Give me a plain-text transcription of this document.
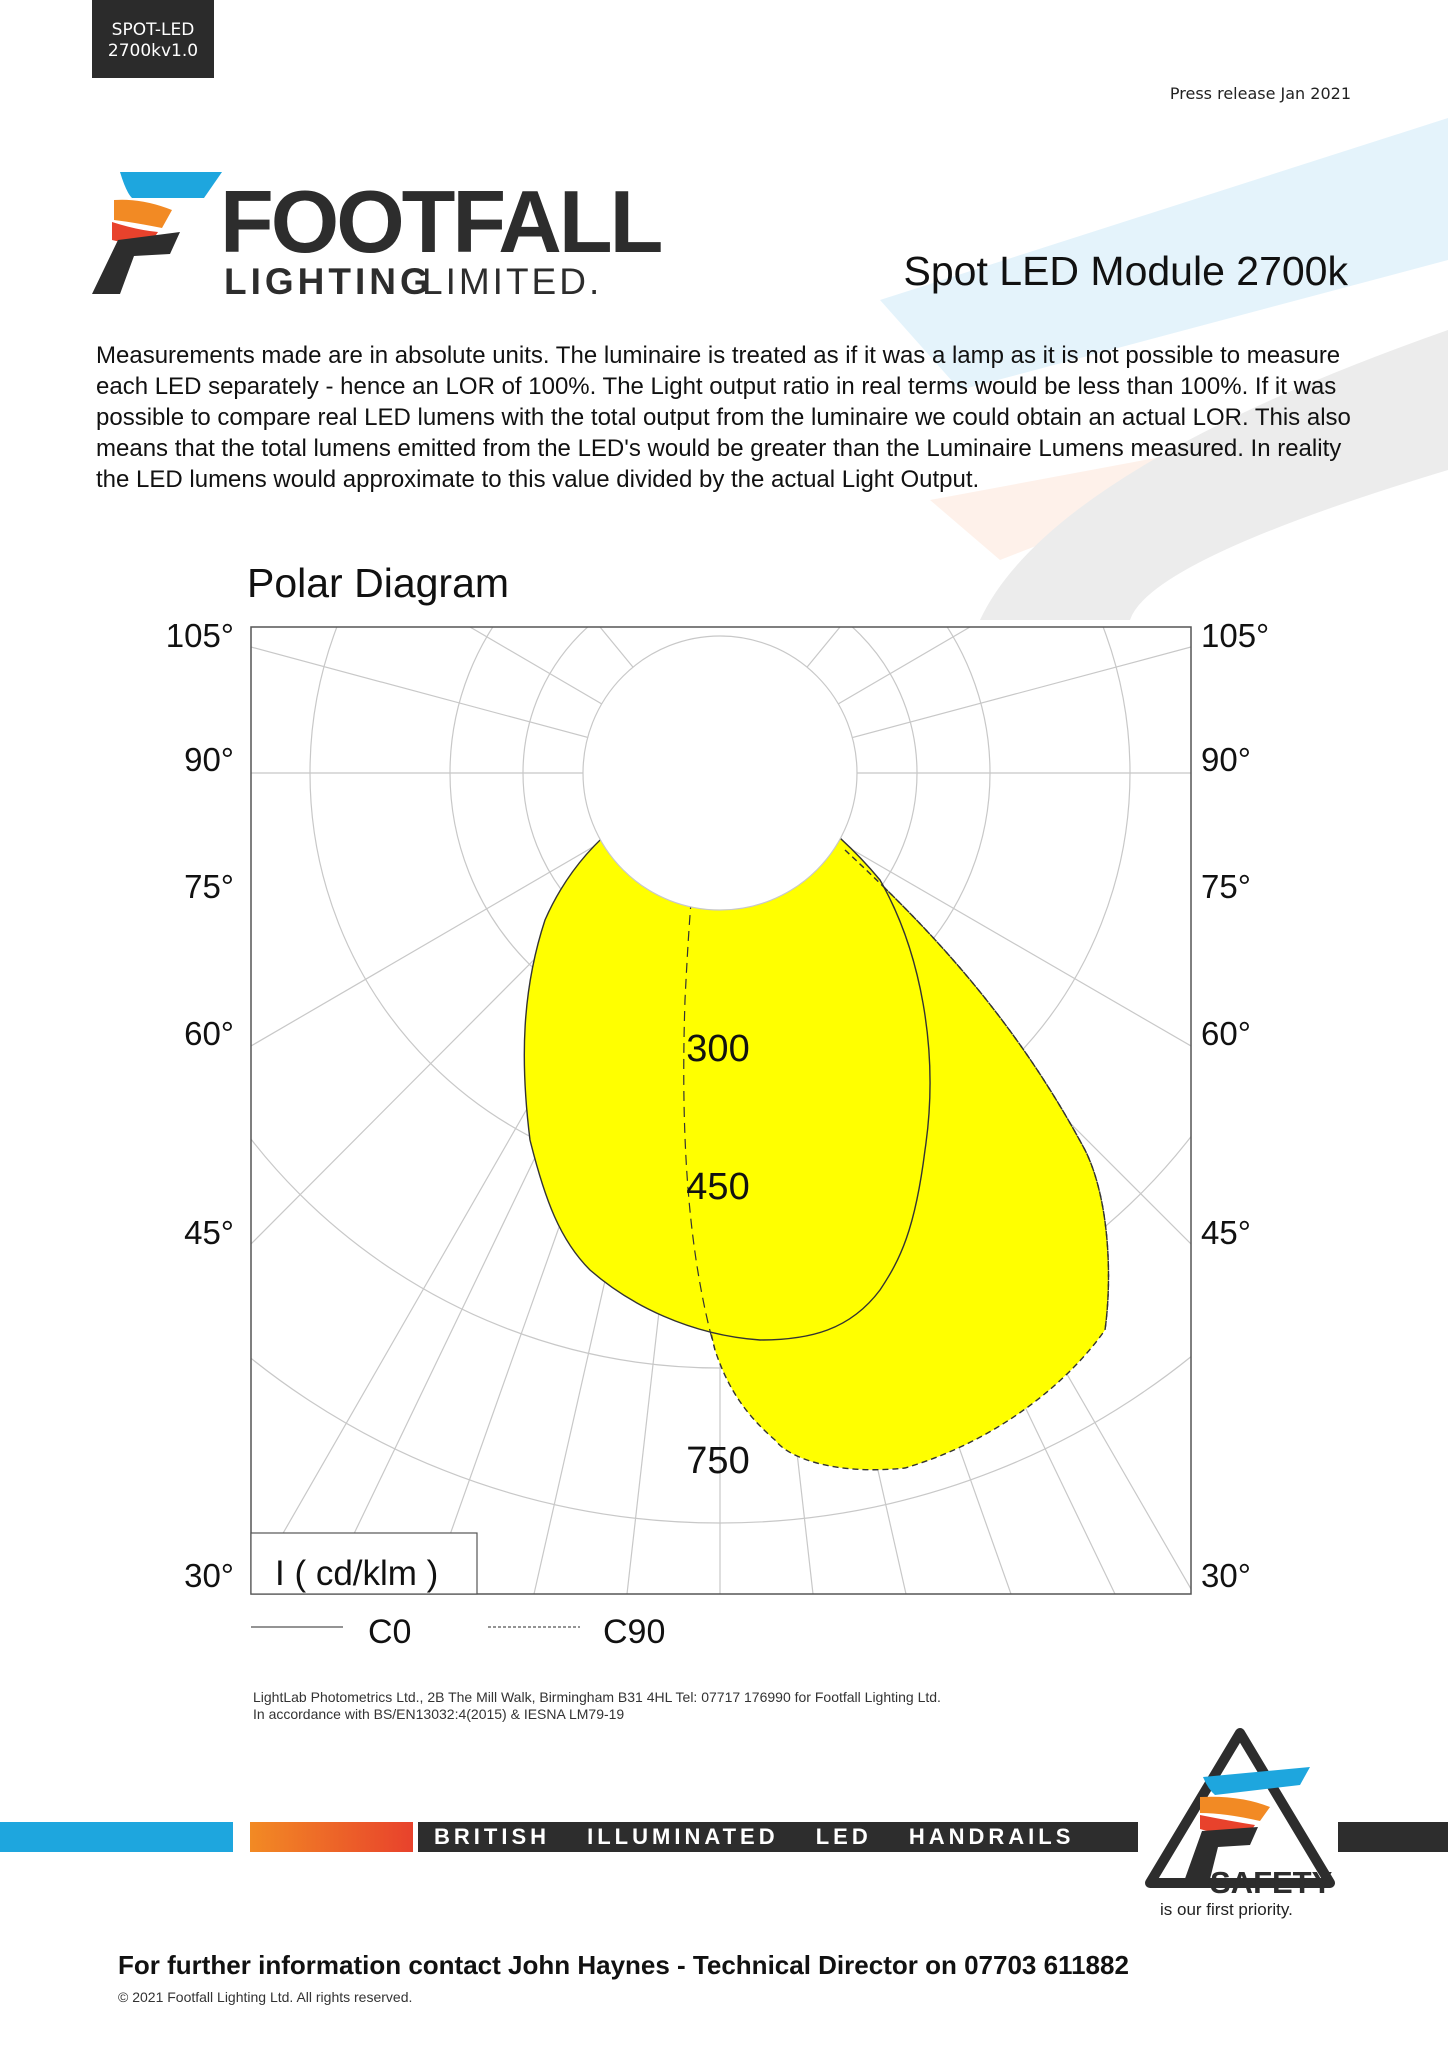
SPOT-LED
2700kv1.0
Press release Jan 2021
FOOTFALL
LIGHTING
LIMITED.	Spot LED Module 2700k
Measurements made are in absolute units. The luminaire is treated as if it was a lamp as it is not possible to measure each LED separately - hence an LOR of 100%. The Light output ratio in real terms would be less than 100%. If it was possible to compare real LED lumens with the total output from the luminaire we could obtain an actual LOR. This also means that the total lumens emitted from the LED's would be greater than the Luminaire Lumens measured. In reality the LED lumens would approximate to this value divided by the actual Light Output.
Polar Diagram
I ( cd/klm )
300
450
750
105°
90°
75°
60°
45°
30°
105°
90°
75°
60°
45°
30°
C0	C90
LightLab Photometrics Ltd., 2B The Mill Walk, Birmingham B31 4HL Tel: 07717 176990 for Footfall Lighting Ltd.
In accordance with BS/EN13032:4(2015) & IESNA LM79-19
BRITISH ILLUMINATED LED HANDRAILS
SAFETY
is our first priority.
For further information contact John Haynes - Technical Director on 07703 611882
© 2021 Footfall Lighting Ltd. All rights reserved.
